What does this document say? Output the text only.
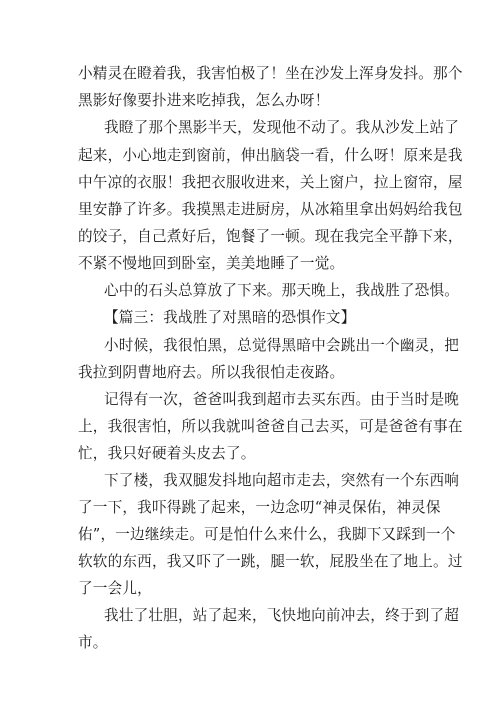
小精灵在瞪着我，我害怕极了！坐在沙发上浑身发抖。那个
黑影好像要扑进来吃掉我，怎么办呀！
我瞪了那个黑影半天，发现他不动了。我从沙发上站了
起来，小心地走到窗前，伸出脑袋一看，什么呀！原来是我
中午凉的衣服！我把衣服收进来，关上窗户，拉上窗帘，屋
里安静了许多。我摸黑走进厨房，从冰箱里拿出妈妈给我包
的饺子，自己煮好后，饱餐了一顿。现在我完全平静下来，
不紧不慢地回到卧室，美美地睡了一觉。
心中的石头总算放了下来。那天晚上，我战胜了恐惧。
【篇三：我战胜了对黑暗的恐惧作文】
小时候，我很怕黑，总觉得黑暗中会跳出一个幽灵，把
我拉到阴曹地府去。所以我很怕走夜路。
记得有一次，爸爸叫我到超市去买东西。由于当时是晚
上，我很害怕，所以我就叫爸爸自己去买，可是爸爸有事在
忙，我只好硬着头皮去了。
下了楼，我双腿发抖地向超市走去，突然有一个东西响
了一下，我吓得跳了起来，一边念叨“神灵保佑，神灵保
佑”，一边继续走。可是怕什么来什么，我脚下又踩到一个
软软的东西，我又吓了一跳，腿一软，屁股坐在了地上。过
了一会儿，
我壮了壮胆，站了起来，飞快地向前冲去，终于到了超
市。
